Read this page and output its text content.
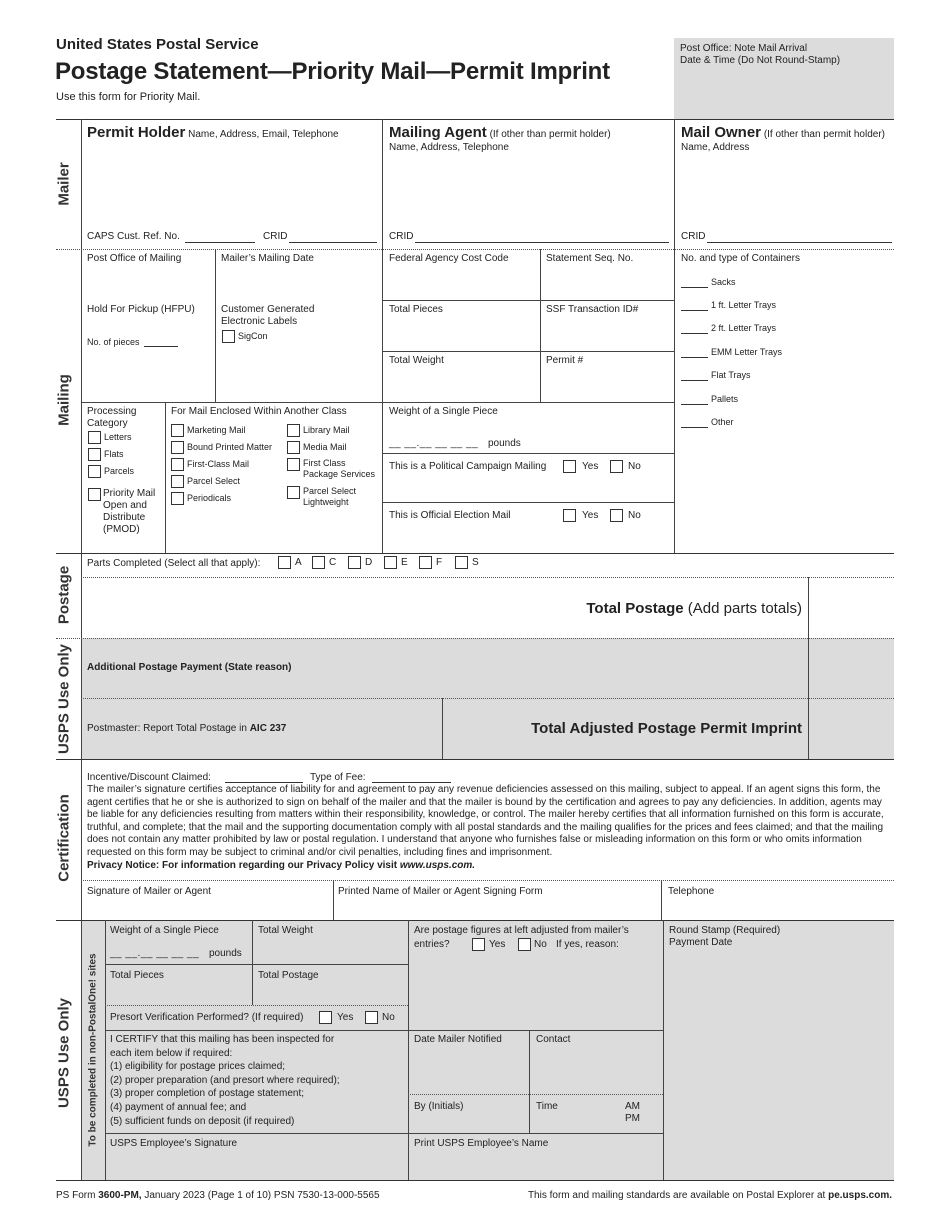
United States Postal Service
Postage Statement—Priority Mail—Permit Imprint
Use this form for Priority Mail.
Post Office: Note Mail Arrival
Date & Time (Do Not Round-Stamp)
Mailer
Mailing
Postage
USPS Use Only
Certification
USPS Use Only To be completed in non-PostalOne! sites
Permit Holder Name, Address, Email, Telephone
CAPS Cust. Ref. No.	CRID
Mailing Agent (If other than permit holder)
Name, Address, Telephone
CRID
Mail Owner (If other than permit holder)
Name, Address
CRID
Post Office of Mailing	Mailer’s Mailing Date	Federal Agency Cost Code	Statement Seq. No.
Hold For Pickup (HFPU)
No. of pieces
Customer Generated
Electronic Labels
SigCon
Total Pieces	SSF Transaction ID#
Total Weight	Permit #
No. and type of Containers
Sacks
1 ft. Letter Trays
2 ft. Letter Trays
EMM Letter Trays
Flat Trays
Pallets
Other
Processing
Category
Letters
Flats
Parcels
Priority Mail
Open and
Distribute
(PMOD)
For Mail Enclosed Within Another Class
Marketing Mail
Bound Printed Matter
First-Class Mail
Parcel Select
Periodicals
Library Mail
Media Mail
First Class
Package Services
Parcel Select
Lightweight
Weight of a Single Piece
__ __.__ __ __ __ pounds
This is a Political Campaign Mailing	Yes	No
This is Official Election Mail	Yes	No
Parts Completed (Select all that apply):	A	C	D	E	F	S
Total Postage (Add parts totals)
Additional Postage Payment (State reason)
Postmaster: Report Total Postage in AIC 237	Total Adjusted Postage Permit Imprint
Incentive/Discount Claimed:	Type of Fee:
The mailer’s signature certifies acceptance of liability for and agreement to pay any revenue deficiencies assessed on this mailing, subject to appeal. If an agent signs this form, the agent certifies that he or she is authorized to sign on behalf of the mailer and that the mailer is bound by the certification and agrees to pay any deficiencies. In addition, agents may be liable for any deficiencies resulting from matters within their responsibility, knowledge, or control. The mailer hereby certifies that all information furnished on this form is accurate, truthful, and complete; that the mail and the supporting documentation comply with all postal standards and the mailing qualifies for the prices and fees claimed; and that the mailing does not contain any matter prohibited by law or postal regulation. I understand that anyone who furnishes false or misleading information on this form or who omits information requested on this form may be subject to criminal and/or civil penalties, including fines and imprisonment.
Privacy Notice: For information regarding our Privacy Policy visit www.usps.com.
Signature of Mailer or Agent	Printed Name of Mailer or Agent Signing Form	Telephone
Weight of a Single Piece
__ __.__ __ __ __ pounds
Total Weight
Total Pieces	Total Postage
Are postage figures at left adjusted from mailer’s
entries?	Yes	No If yes, reason:
Round Stamp (Required)
Payment Date
Presort Verification Performed? (If required)	Yes	No
I CERTIFY that this mailing has been inspected for
each item below if required:
(1) eligibility for postage prices claimed;
(2) proper preparation (and presort where required);
(3) proper completion of postage statement;
(4) payment of annual fee; and
(5) sufficient funds on deposit (if required)
Date Mailer Notified	Contact
By (Initials)	Time	AM
PM
USPS Employee’s Signature	Print USPS Employee’s Name
PS Form 3600-PM, January 2023 (Page 1 of 10) PSN 7530-13-000-5565	This form and mailing standards are available on Postal Explorer at pe.usps.com.
